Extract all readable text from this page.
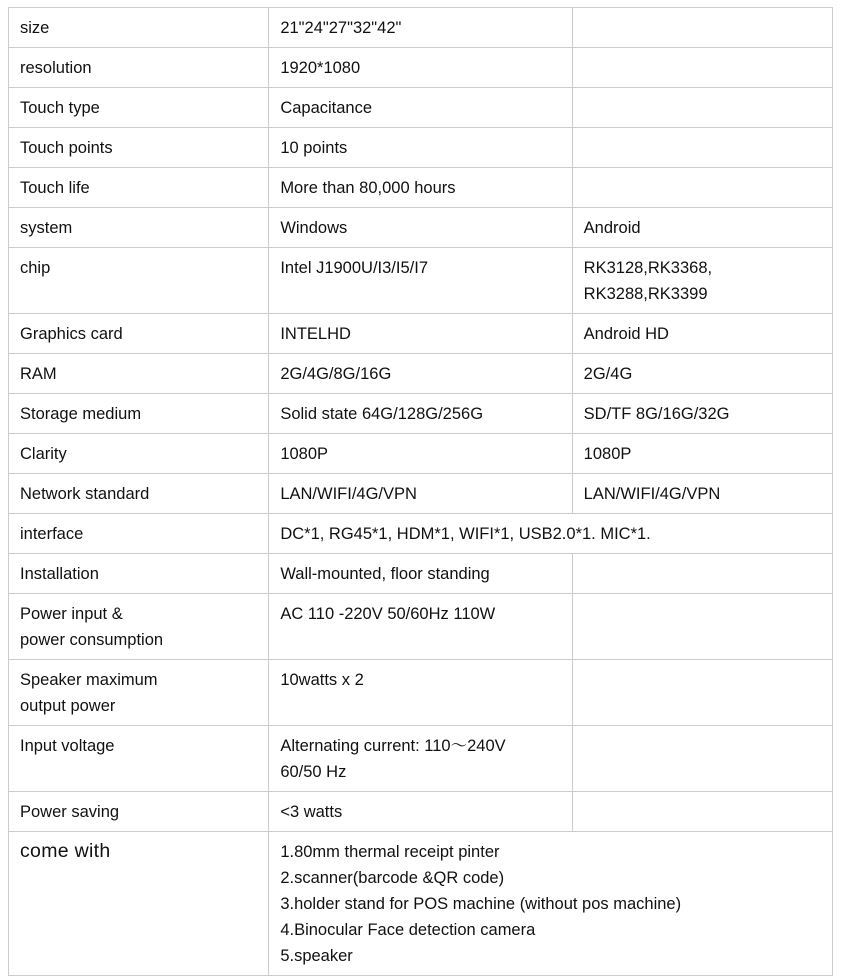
size	21"24"27"32"42"	

resolution	1920*1080	

Touch type	Capacitance	

Touch points	10 points	

Touch life	More than 80,000 hours	

system	Windows	Android

chip	Intel J1900U/I3/I5/I7	RK3128,RK3368,
RK3288,RK3399

Graphics card	INTELHD	Android HD

RAM	2G/4G/8G/16G	2G/4G

Storage medium	Solid state 64G/128G/256G	SD/TF 8G/16G/32G

Clarity	1080P	1080P

Network standard	LAN/WIFI/4G/VPN	LAN/WIFI/4G/VPN

interface	DC*1, RG45*1, HDM*1, WIFI*1, USB2.0*1. MIC*1.	

Installation	Wall-mounted, floor standing	

Power input &
power consumption	AC 110 -220V 50/60Hz 110W	

Speaker maximum
output power	10watts x 2	

Input voltage	Alternating current: 110～240V
60/50 Hz	

Power saving	<3 watts	

come with	1.80mm thermal receipt pinter
2.scanner(barcode &QR code)
3.holder stand for POS machine (without pos machine)
4.Binocular Face detection camera
5.speaker	
